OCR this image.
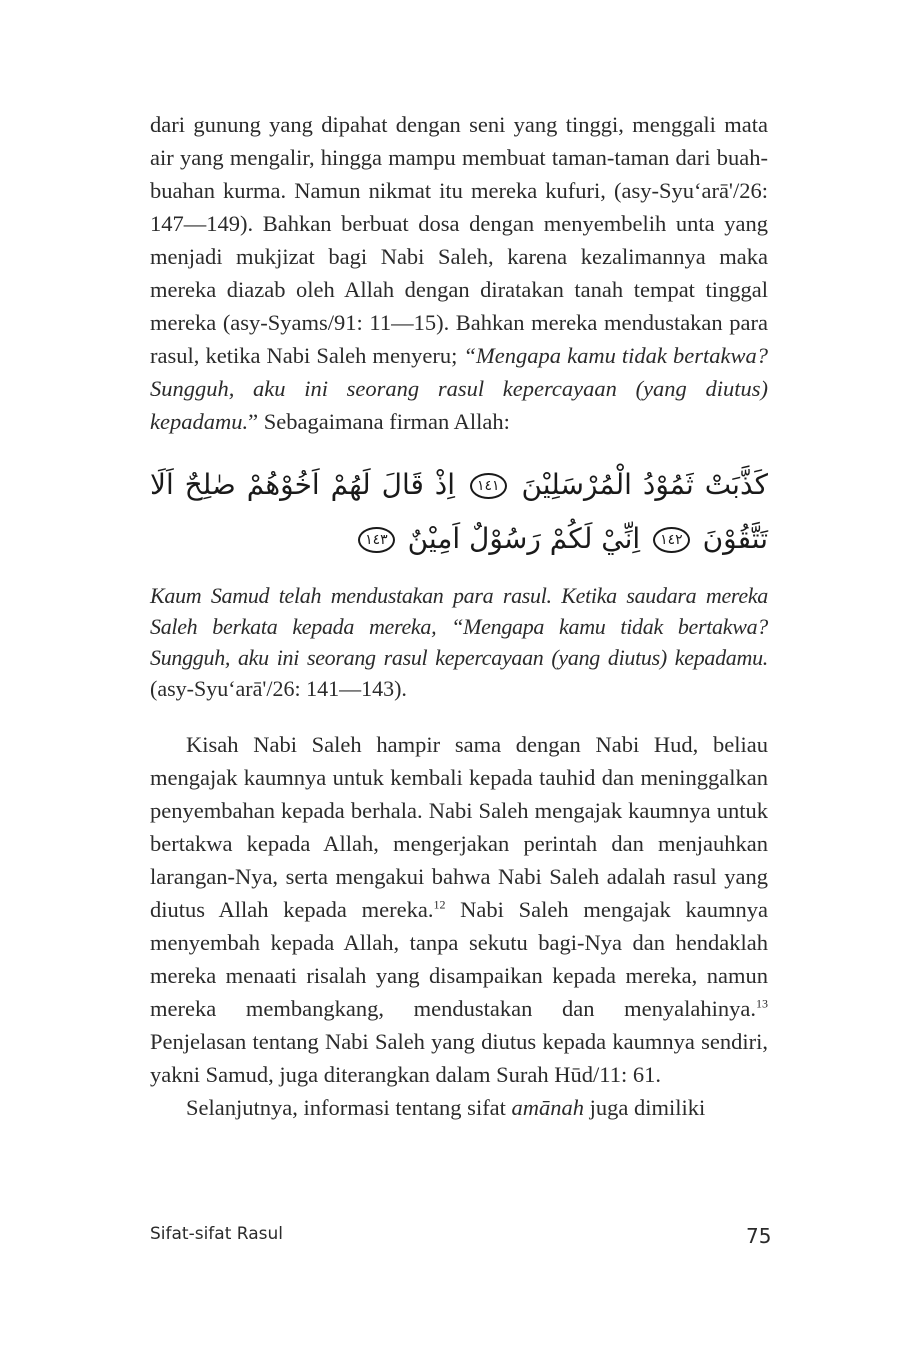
dari gunung yang dipahat dengan seni yang tinggi, menggali mata air yang mengalir, hingga mampu membuat taman-taman dari buah-buahan kurma. Namun nikmat itu mereka kufuri, (asy-Syu‘arā'/26: 147—149). Bahkan berbuat dosa dengan menyembelih unta yang menjadi mukjizat bagi Nabi Saleh, karena kezalimannya maka mereka diazab oleh Allah dengan diratakan tanah tempat tinggal mereka (asy-Syams/91: 11—15). Bahkan mereka mendustakan para rasul, ketika Nabi Saleh menyeru; “Mengapa kamu tidak bertakwa? Sungguh, aku ini seorang rasul kepercayaan (yang diutus) kepadamu.” Sebagaimana firman Allah:

كَذَّبَتْ ثَمُوْدُ الْمُرْسَلِيْنَ ١٤١ اِذْ قَالَ لَهُمْ اَخُوْهُمْ صٰلِحٌ اَلَا تَتَّقُوْنَ ١٤٢ اِنِّيْ لَكُمْ رَسُوْلٌ اَمِيْنٌ ١٤٣

Kaum Samud telah mendustakan para rasul. Ketika saudara mereka Saleh berkata kepada mereka, “Mengapa kamu tidak bertakwa? Sungguh, aku ini seorang rasul kepercayaan (yang diutus) kepadamu. (asy-Syu‘arā'/26: 141—143).

Kisah Nabi Saleh hampir sama dengan Nabi Hud, beliau mengajak kaumnya untuk kembali kepada tauhid dan meninggalkan penyembahan kepada berhala. Nabi Saleh mengajak kaumnya untuk bertakwa kepada Allah, mengerjakan perintah dan menjauhkan larangan-Nya, serta mengakui bahwa Nabi Saleh adalah rasul yang diutus Allah kepada mereka.$^{12}$ Nabi Saleh mengajak kaumnya menyembah kepada Allah, tanpa sekutu bagi-Nya dan hendaklah mereka menaati risalah yang disampaikan kepada mereka, namun mereka membangkang, mendustakan dan menyalahinya.$^{13}$ Penjelasan tentang Nabi Saleh yang diutus kepada kaumnya sendiri, yakni Samud, juga diterangkan dalam Surah Hūd/11: 61.

Selanjutnya, informasi tentang sifat amānah juga dimiliki

Sifat-sifat Rasul	75
